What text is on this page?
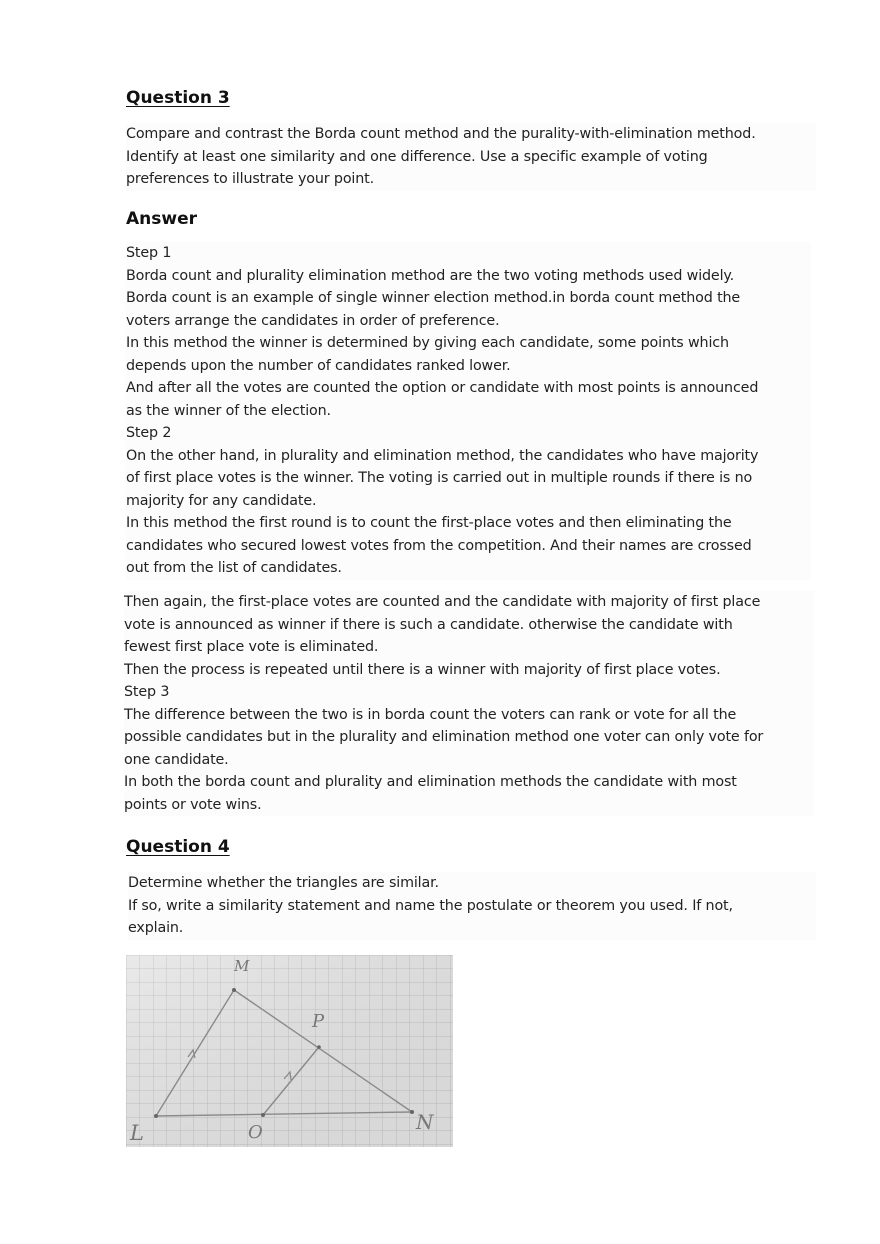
Question 3
Compare and contrast the Borda count method and the purality-with-elimination method.
Identify at least one similarity and one difference. Use a specific example of voting
preferences to illustrate your point.
Answer
Step 1
Borda count and plurality elimination method are the two voting methods used widely.
Borda count is an example of single winner election method.in borda count method the
voters arrange the candidates in order of preference.
In this method the winner is determined by giving each candidate, some points which
depends upon the number of candidates ranked lower.
And after all the votes are counted the option or candidate with most points is announced
as the winner of the election.
Step 2
On the other hand, in plurality and elimination method, the candidates who have majority
of first place votes is the winner. The voting is carried out in multiple rounds if there is no
majority for any candidate.
In this method the first round is to count the first-place votes and then eliminating the
candidates who secured lowest votes from the competition. And their names are crossed
out from the list of candidates.
Then again, the first-place votes are counted and the candidate with majority of first place
vote is announced as winner if there is such a candidate. otherwise the candidate with
fewest first place vote is eliminated.
Then the process is repeated until there is a winner with majority of first place votes.
Step 3
The difference between the two is in borda count the voters can rank or vote for all the
possible candidates but in the plurality and elimination method one voter can only vote for
one candidate.
In both the borda count and plurality and elimination methods the candidate with most
points or vote wins.
Question 4
Determine whether the triangles are similar.
If so, write a similarity statement and name the postulate or theorem you used. If not,
explain.
M
P
L	O	N
